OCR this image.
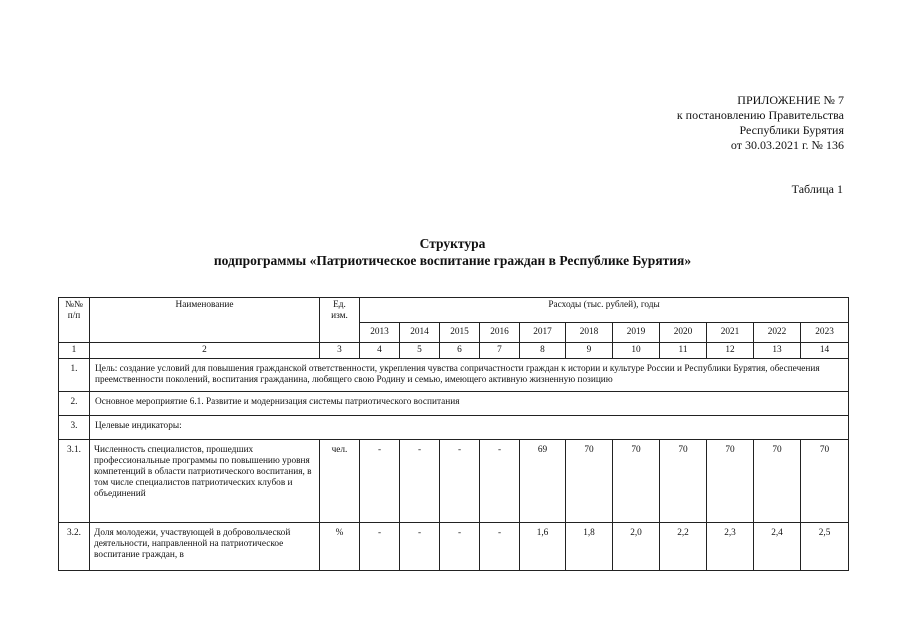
ПРИЛОЖЕНИЕ № 7
к постановлению Правительства
Республики Бурятия
от 30.03.2021 г. № 136
Таблица 1
Структура
подпрограммы «Патриотическое воспитание граждан в Республике Бурятия»
№№ п/п	Наименование	Ед. изм.	Расходы (тыс. рублей), годы										
			2013	2014	2015	2016	2017	2018	2019	2020	2021	2022	2023
1	2	3	4	5	6	7	8	9	10	11	12	13	14
1.	Цель: создание условий для повышения гражданской ответственности, укрепления чувства сопричастности граждан к истории и культуре России и Республики Бурятия, обеспечения преемственности поколений, воспитания гражданина, любящего свою Родину и семью, имеющего активную жизненную позицию												
2.	Основное мероприятие 6.1. Развитие и модернизация системы патриотического воспитания												
3.	Целевые индикаторы:												
3.1.	Численность специалистов, прошедших профессиональные программы по повышению уровня компетенций в области патриотического воспитания, в том числе специалистов патриотических клубов и объединений	чел.	-	-	-	-	69	70	70	70	70	70	70
3.2.	Доля молодежи, участвующей в добровольческой деятельности, направленной на патриотическое воспитание граждан, в	%	-	-	-	-	1,6	1,8	2,0	2,2	2,3	2,4	2,5
